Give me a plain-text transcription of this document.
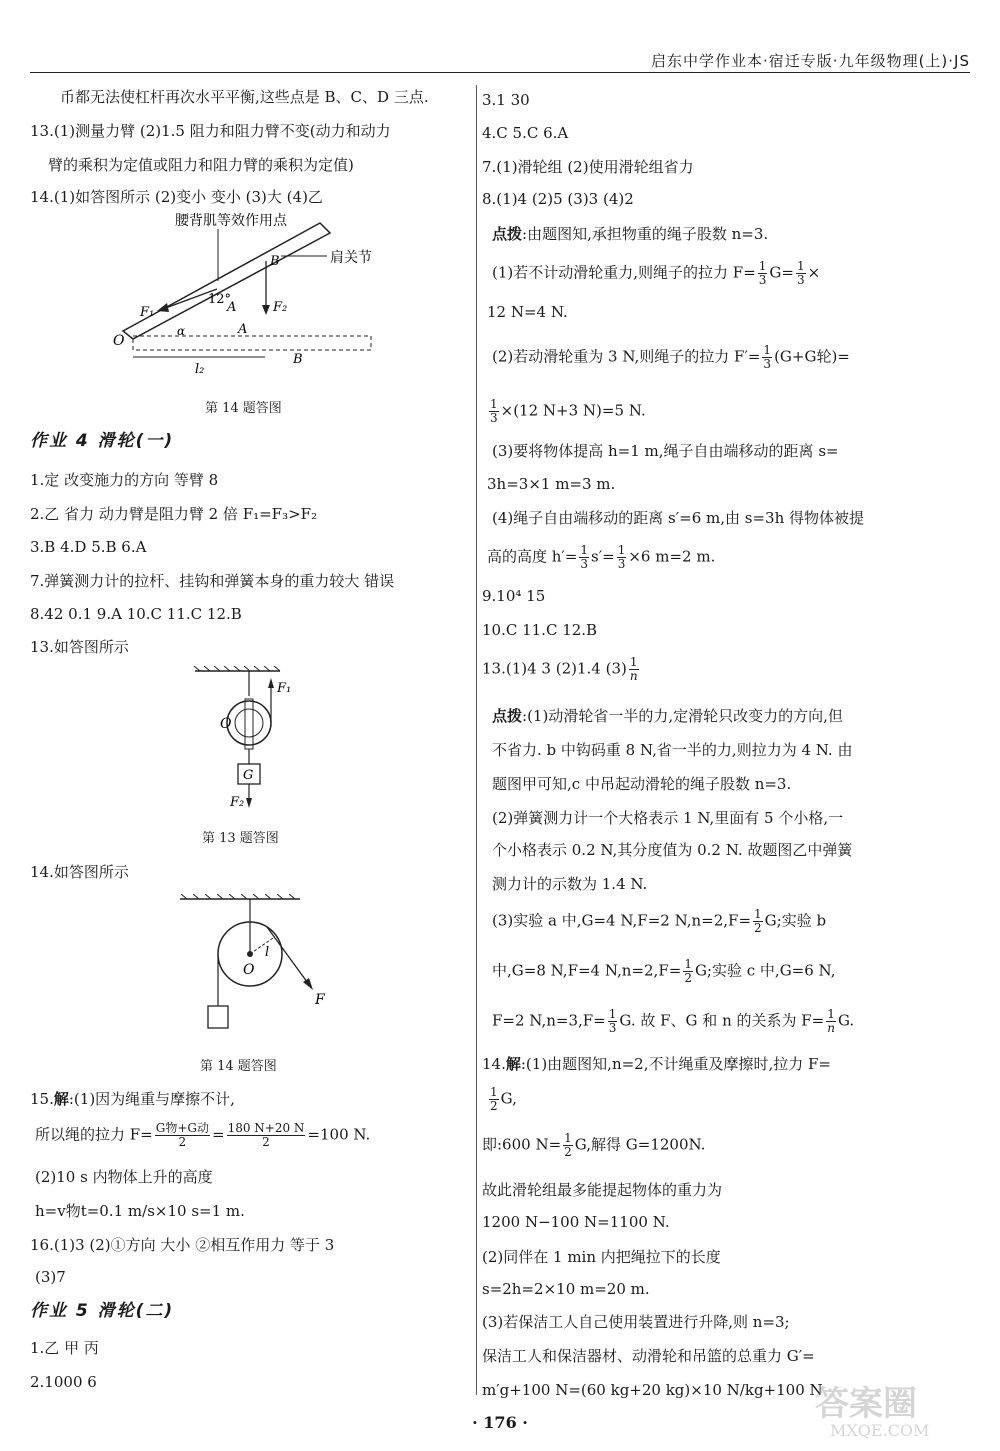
启东中学作业本·宿迁专版·九年级物理(上)·JS
币都无法使杠杆再次水平平衡,这些点是 B、C、D 三点.
13.(1)测量力臂 (2)1.5 阻力和阻力臂不变(动力和动力
臂的乘积为定值或阻力和阻力臂的乘积为定值)
14.(1)如答图所示 (2)变小 变小 (3)大 (4)乙
腰背肌等效作用点
肩关节
B
F₂
F₁
12°
A
O
α	A
B
l₂
第 14 题答图
作业 4 滑轮(一)
1.定 改变施力的方向 等臂 8
2.乙 省力 动力臂是阻力臂 2 倍 F₁=F₃>F₂
3.B 4.D 5.B 6.A
7.弹簧测力计的拉杆、挂钩和弹簧本身的重力较大 错误
8.42 0.1 9.A 10.C 11.C 12.B
13.如答图所示
F₁
O
G
F₂
第 13 题答图
14.如答图所示
O
l
F
第 14 题答图
15.解:(1)因为绳重与摩擦不计,
所以绳的拉力 $F= \frac{\text{G物+G动}}{2} = \frac{180 N+20 N}{2} =100$ N.
(2)10 s 内物体上升的高度
h=v物t=0.1 m/s×10 s=1 m.
16.(1)3 (2)①方向 大小 ②相互作用力 等于 3
(3)7
作业 5 滑轮(二)
1.乙 甲 丙
2.1000 6
3.1 30
4.C 5.C 6.A
7.(1)滑轮组 (2)使用滑轮组省力
8.(1)4 (2)5 (3)3 (4)2
点拨:由题图知,承担物重的绳子股数 n=3.
(1)若不计动滑轮重力,则绳子的拉力 $F= \frac{1}{3} G= \frac{1}{3}$ ×
12 N=4 N.
(2)若动滑轮重为 3 N,则绳子的拉力 $F'= \frac{1}{3} (G+G$轮)=
$\frac{1}{3} \times(12$ N+3 N)=5 N.
(3)要将物体提高 h=1 m,绳子自由端移动的距离 s=
3h=3×1 m=3 m.
(4)绳子自由端移动的距离 s′=6 m,由 s=3h 得物体被提
高的高度 $h'= \frac{1}{3} s'= \frac{1}{3} \times 6$ m=2 m.
9.10⁴ 15
10.C 11.C 12.B
13.(1)4 3 (2)1.4 $(3) \frac{1}{n}$
点拨:(1)动滑轮省一半的力,定滑轮只改变力的方向,但
不省力. b 中钩码重 8 N,省一半的力,则拉力为 4 N. 由
题图甲可知,c 中吊起动滑轮的绳子股数 n=3.
(2)弹簧测力计一个大格表示 1 N,里面有 5 个小格,一
个小格表示 0.2 N,其分度值为 0.2 N. 故题图乙中弹簧
测力计的示数为 1.4 N.
(3)实验 a 中,G=4 N,F=2 $N,n=2,F= \frac{1}{2} G$;实验 b
中,G=8 N,F=4 $N,n=2,F= \frac{1}{2} G$;实验 c 中,G=6 N,
F=2 $N,n=3,F= \frac{1}{3} G$. 故 F、G 和 n 的关系为 $F= \frac{1}{n} G$.
14.解:(1)由题图知,n=2,不计绳重及摩擦时,拉力 F=
$\frac{1}{2} G$,
即:600 $N= \frac{1}{2} G$,解得 G=1200N.
故此滑轮组最多能提起物体的重力为
1200 N−100 N=1100 N.
(2)同伴在 1 min 内把绳拉下的长度
s=2h=2×10 m=20 m.
(3)若保洁工人自己使用装置进行升降,则 n=3;
保洁工人和保洁器材、动滑轮和吊篮的总重力 G′=
m′g+100 N=(60 kg+20 kg)×10 N/kg+100 N
· 176 ·	答案圈
MXQE.COM
